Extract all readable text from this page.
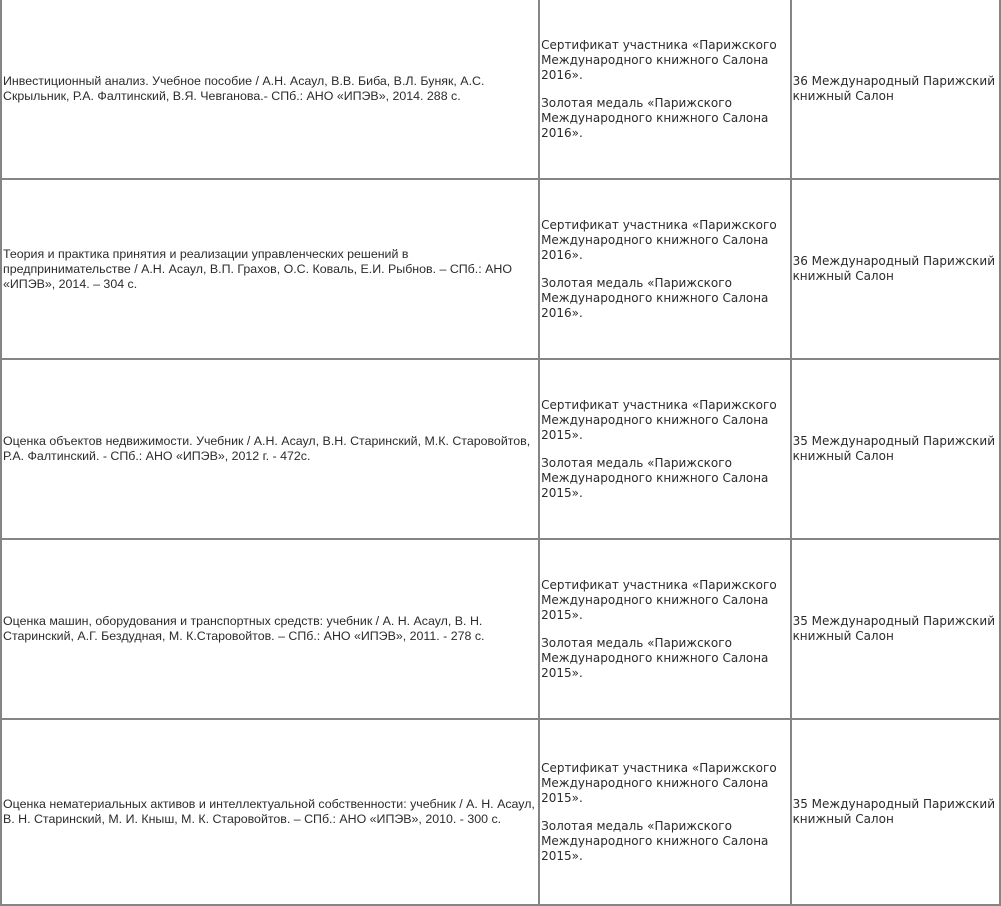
Инвестиционный анализ. Учебное пособие / А.Н. Асаул, В.В. Биба, В.Л. Буняк, А.С. Скрыльник, Р.А. Фалтинский, В.Я. Чевганова.- СПб.: АНО «ИПЭВ», 2014. 288 с.	Сертификат участника «Парижского Международного книжного Салона 2016».

Золотая медаль «Парижского Международного книжного Салона 2016».	36 Международный Парижский книжный Салон
Теория и практика принятия и реализации управленческих решений в предпринимательстве / А.Н. Асаул, В.П. Грахов, О.С. Коваль, Е.И. Рыбнов. – СПб.: АНО «ИПЭВ», 2014. – 304 с.	Сертификат участника «Парижского Международного книжного Салона 2016».

Золотая медаль «Парижского Международного книжного Салона 2016».	36 Международный Парижский книжный Салон
Оценка объектов недвижимости. Учебник / А.Н. Асаул, В.Н. Старинский, М.К. Старовойтов, Р.А. Фалтинский. - СПб.: АНО «ИПЭВ», 2012 г. - 472с.	Сертификат участника «Парижского Международного книжного Салона 2015».

Золотая медаль «Парижского Международного книжного Салона 2015».	35 Международный Парижский книжный Салон
Оценка машин, оборудования и транспортных средств: учебник / А. Н. Асаул, В. Н. Старинский, А.Г. Бездудная, М. К.Старовойтов. – СПб.: АНО «ИПЭВ», 2011. - 278 с.	Сертификат участника «Парижского Международного книжного Салона 2015».

Золотая медаль «Парижского Международного книжного Салона 2015».	35 Международный Парижский книжный Салон
Оценка нематериальных активов и интеллектуальной собственности: учебник / А. Н. Асаул, В. Н. Старинский, М. И. Кныш, М. К. Старовойтов. – СПб.: АНО «ИПЭВ», 2010. - 300 с.	Сертификат участника «Парижского Международного книжного Салона 2015».

Золотая медаль «Парижского Международного книжного Салона 2015».	35 Международный Парижский книжный Салон
